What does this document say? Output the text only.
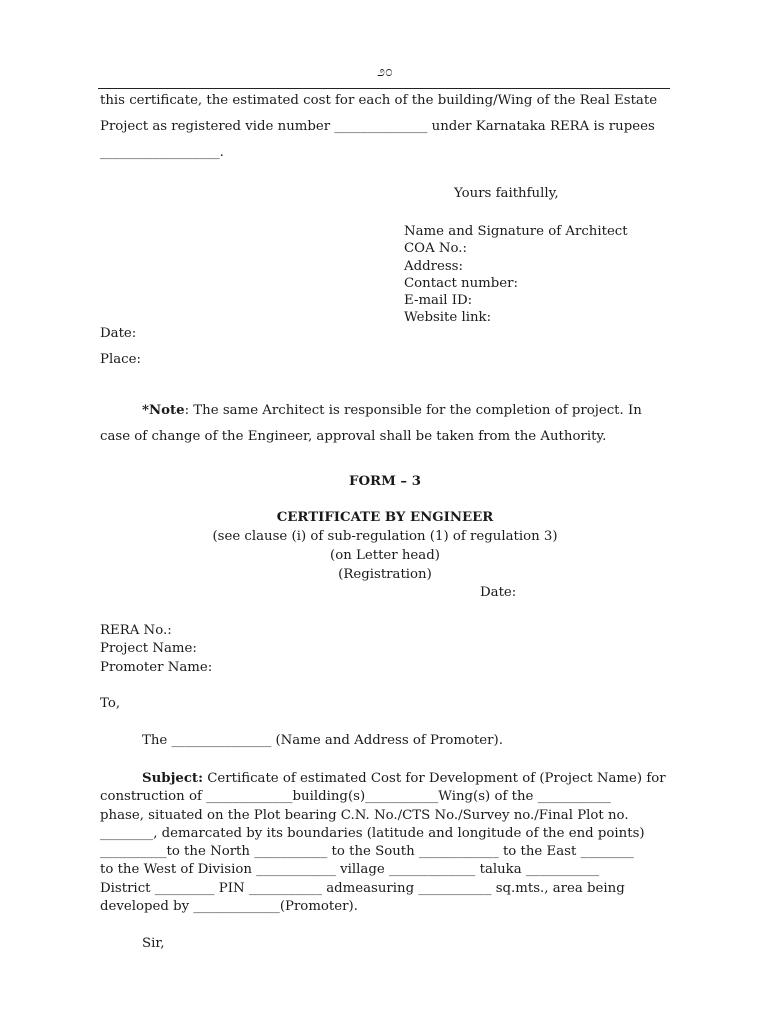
೨೦
this certificate, the estimated cost for each of the building/Wing of the Real Estate
Project as registered vide number ______________ under Karnataka RERA is rupees
__________________.
Yours faithfully,
Name and Signature of Architect
COA No.:
Address:
Contact number:
E-mail ID:
Website link:
Date:
Place:
*Note: The same Architect is responsible for the completion of project. In
case of change of the Engineer, approval shall be taken from the Authority.
FORM – 3
CERTIFICATE BY ENGINEER
(see clause (i) of sub-regulation (1) of regulation 3)
(on Letter head)
(Registration)
Date:
RERA No.:
Project Name:
Promoter Name:
To,
The _______________ (Name and Address of Promoter).
Subject: Certificate of estimated Cost for Development of (Project Name) for
construction of _____________building(s)___________Wing(s) of the ___________
phase, situated on the Plot bearing C.N. No./CTS No./Survey no./Final Plot no.
________, demarcated by its boundaries (latitude and longitude of the end points)
__________to the North ___________ to the South ____________ to the East ________
to the West of Division ____________ village _____________ taluka ___________
District _________ PIN ___________ admeasuring ___________ sq.mts., area being
developed by _____________(Promoter).
Sir,
